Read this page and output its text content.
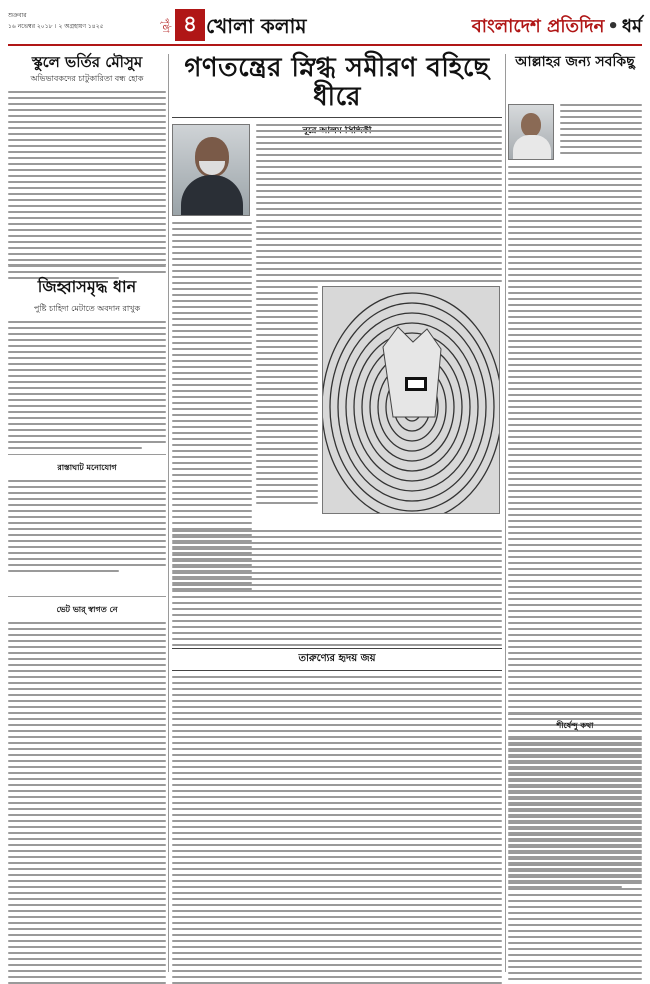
শুক্রবার
১৬ নভেম্বর ২০১৮ । ২ অগ্রহায়ণ ১৪২৫	পৃষ্ঠা ৪ খোলা কলাম	বাংলাদেশ প্রতিদিন • ধর্ম
স্কুলে ভর্তির মৌসুম
অভিভাবকদের চাটুকারিতা বন্ধ হোক
জিহ্বাসমৃদ্ধ ধান
পুষ্টি চাহিদা মেটাতে অবদান রাখুক
রাস্তাঘাট মনোযোগ
ভেট ভার্ স্বাগত নে
গণতন্ত্রের স্নিগ্ধ সমীরণ বহিছে ধীরে
তারুণ্যের হৃদয় জয়
আল্লাহর জন্য সবকিছু
শীর্ষেন্দু কথা
